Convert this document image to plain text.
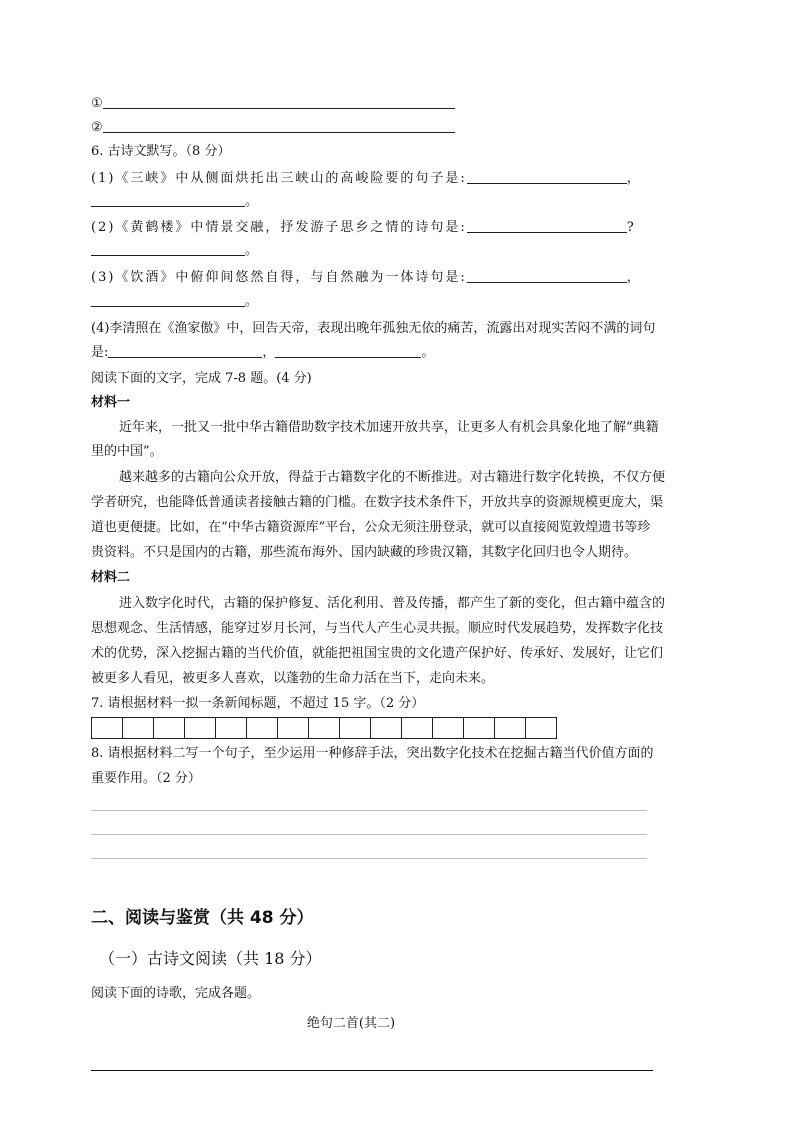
①
②
6. 古诗文默写。（8 分）
(1)《三峡》中从侧面烘托出三峡山的高峻险要的句子是:	，
。
(2)《黄鹤楼》中情景交融，抒发游子思乡之情的诗句是:	?
。
(3)《饮酒》中俯仰间悠然自得，与自然融为一体诗句是:	，
。
(4)李清照在《渔家傲》中，回告天帝，表现出晚年孤独无依的痛苦，流露出对现实苦闷不满的词句
是:	，	。
阅读下面的文字，完成 7-8 题。(4 分)
材料一
近年来，一批又一批中华古籍借助数字技术加速开放共享，让更多人有机会具象化地了解“典籍
里的中国”。
越来越多的古籍向公众开放，得益于古籍数字化的不断推进。对古籍进行数字化转换，不仅方便
学者研究，也能降低普通读者接触古籍的门槛。在数字技术条件下，开放共享的资源规模更庞大，渠
道也更便捷。比如，在“中华古籍资源库”平台，公众无须注册登录，就可以直接阅览敦煌遗书等珍
贵资料。不只是国内的古籍，那些流布海外、国内缺藏的珍贵汉籍，其数字化回归也令人期待。
材料二
进入数字化时代，古籍的保护修复、活化利用、普及传播，都产生了新的变化，但古籍中蕴含的
思想观念、生活情感，能穿过岁月长河，与当代人产生心灵共振。顺应时代发展趋势，发挥数字化技
术的优势，深入挖掘古籍的当代价值，就能把祖国宝贵的文化遗产保护好、传承好、发展好，让它们
被更多人看见，被更多人喜欢，以蓬勃的生命力活在当下，走向未来。
7. 请根据材料一拟一条新闻标题，不超过 15 字。（2 分）
8. 请根据材料二写一个句子，至少运用一种修辞手法，突出数字化技术在挖掘古籍当代价值方面的
重要作用。（2 分）
二、阅读与鉴赏（共 48 分）
（一）古诗文阅读（共 18 分）
阅读下面的诗歌，完成各题。
绝句二首(其二)
